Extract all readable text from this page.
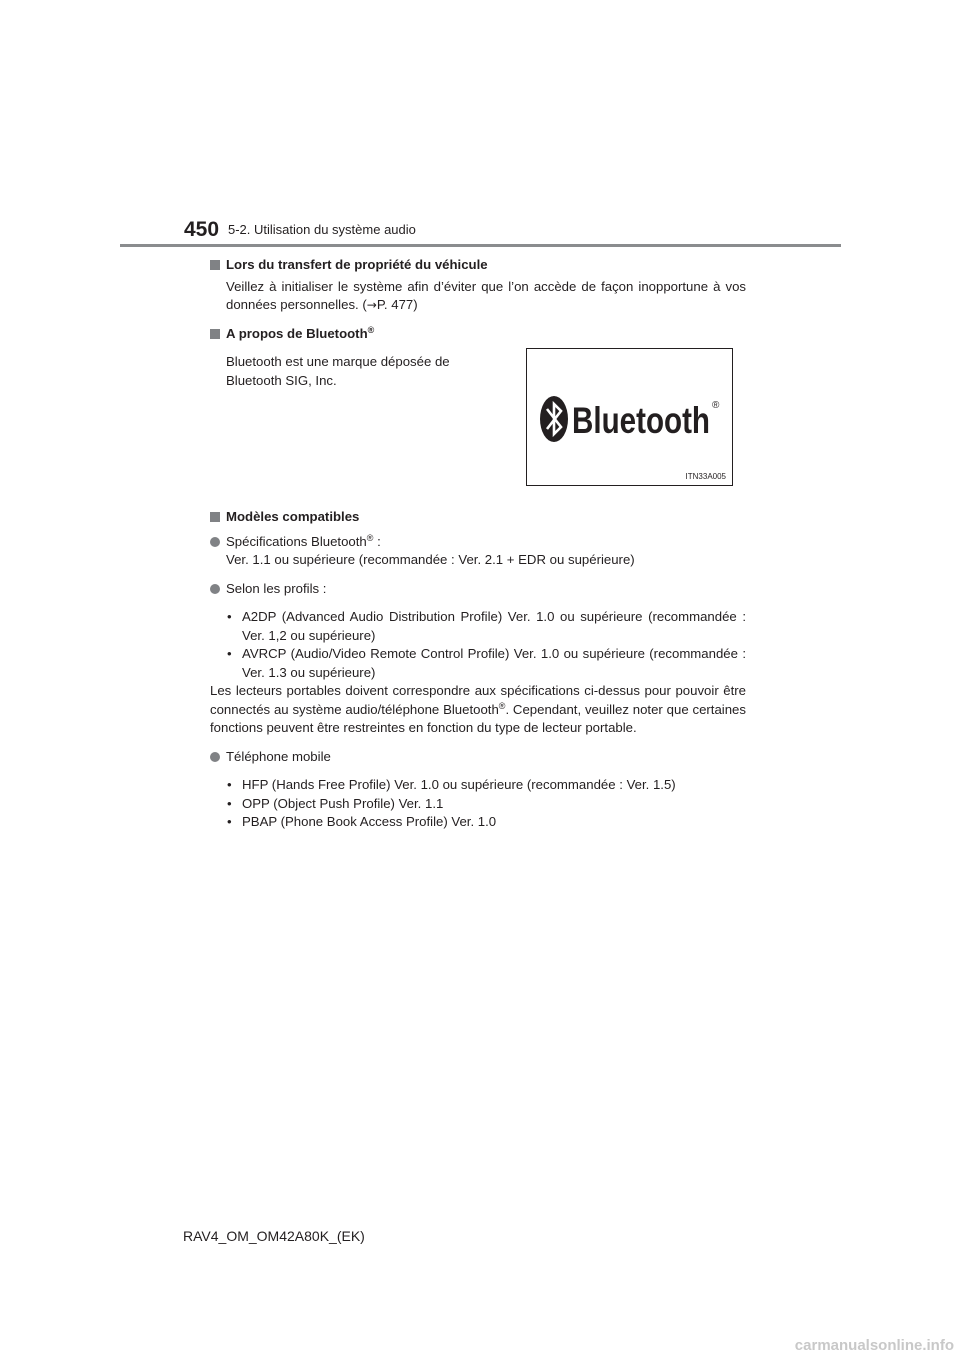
450 5-2. Utilisation du système audio
Lors du transfert de propriété du véhicule
Veillez à initialiser le système afin d’éviter que l’on accède de façon inopportune à vos données personnelles. (→P. 477)
A propos de Bluetooth®
Bluetooth est une marque déposée de Bluetooth SIG, Inc.
Modèles compatibles
Spécifications Bluetooth® :
Ver. 1.1 ou supérieure (recommandée : Ver. 2.1 + EDR ou supérieure)
Selon les profils :
• A2DP (Advanced Audio Distribution Profile) Ver. 1.0 ou supérieure (recommandée : Ver. 1,2 ou supérieure)
• AVRCP (Audio/Video Remote Control Profile) Ver. 1.0 ou supérieure (recommandée : Ver. 1.3 ou supérieure)
Les lecteurs portables doivent correspondre aux spécifications ci-dessus pour pouvoir être connectés au système audio/téléphone Bluetooth®. Cependant, veuillez noter que certaines fonctions peuvent être restreintes en fonction du type de lecteur portable.
Téléphone mobile
• HFP (Hands Free Profile) Ver. 1.0 ou supérieure (recommandée : Ver. 1.5)
• OPP (Object Push Profile) Ver. 1.1
• PBAP (Phone Book Access Profile) Ver. 1.0
Bluetooth ®
ITN33A005
RAV4_OM_OM42A80K_(EK)
carmanualsonline.info
